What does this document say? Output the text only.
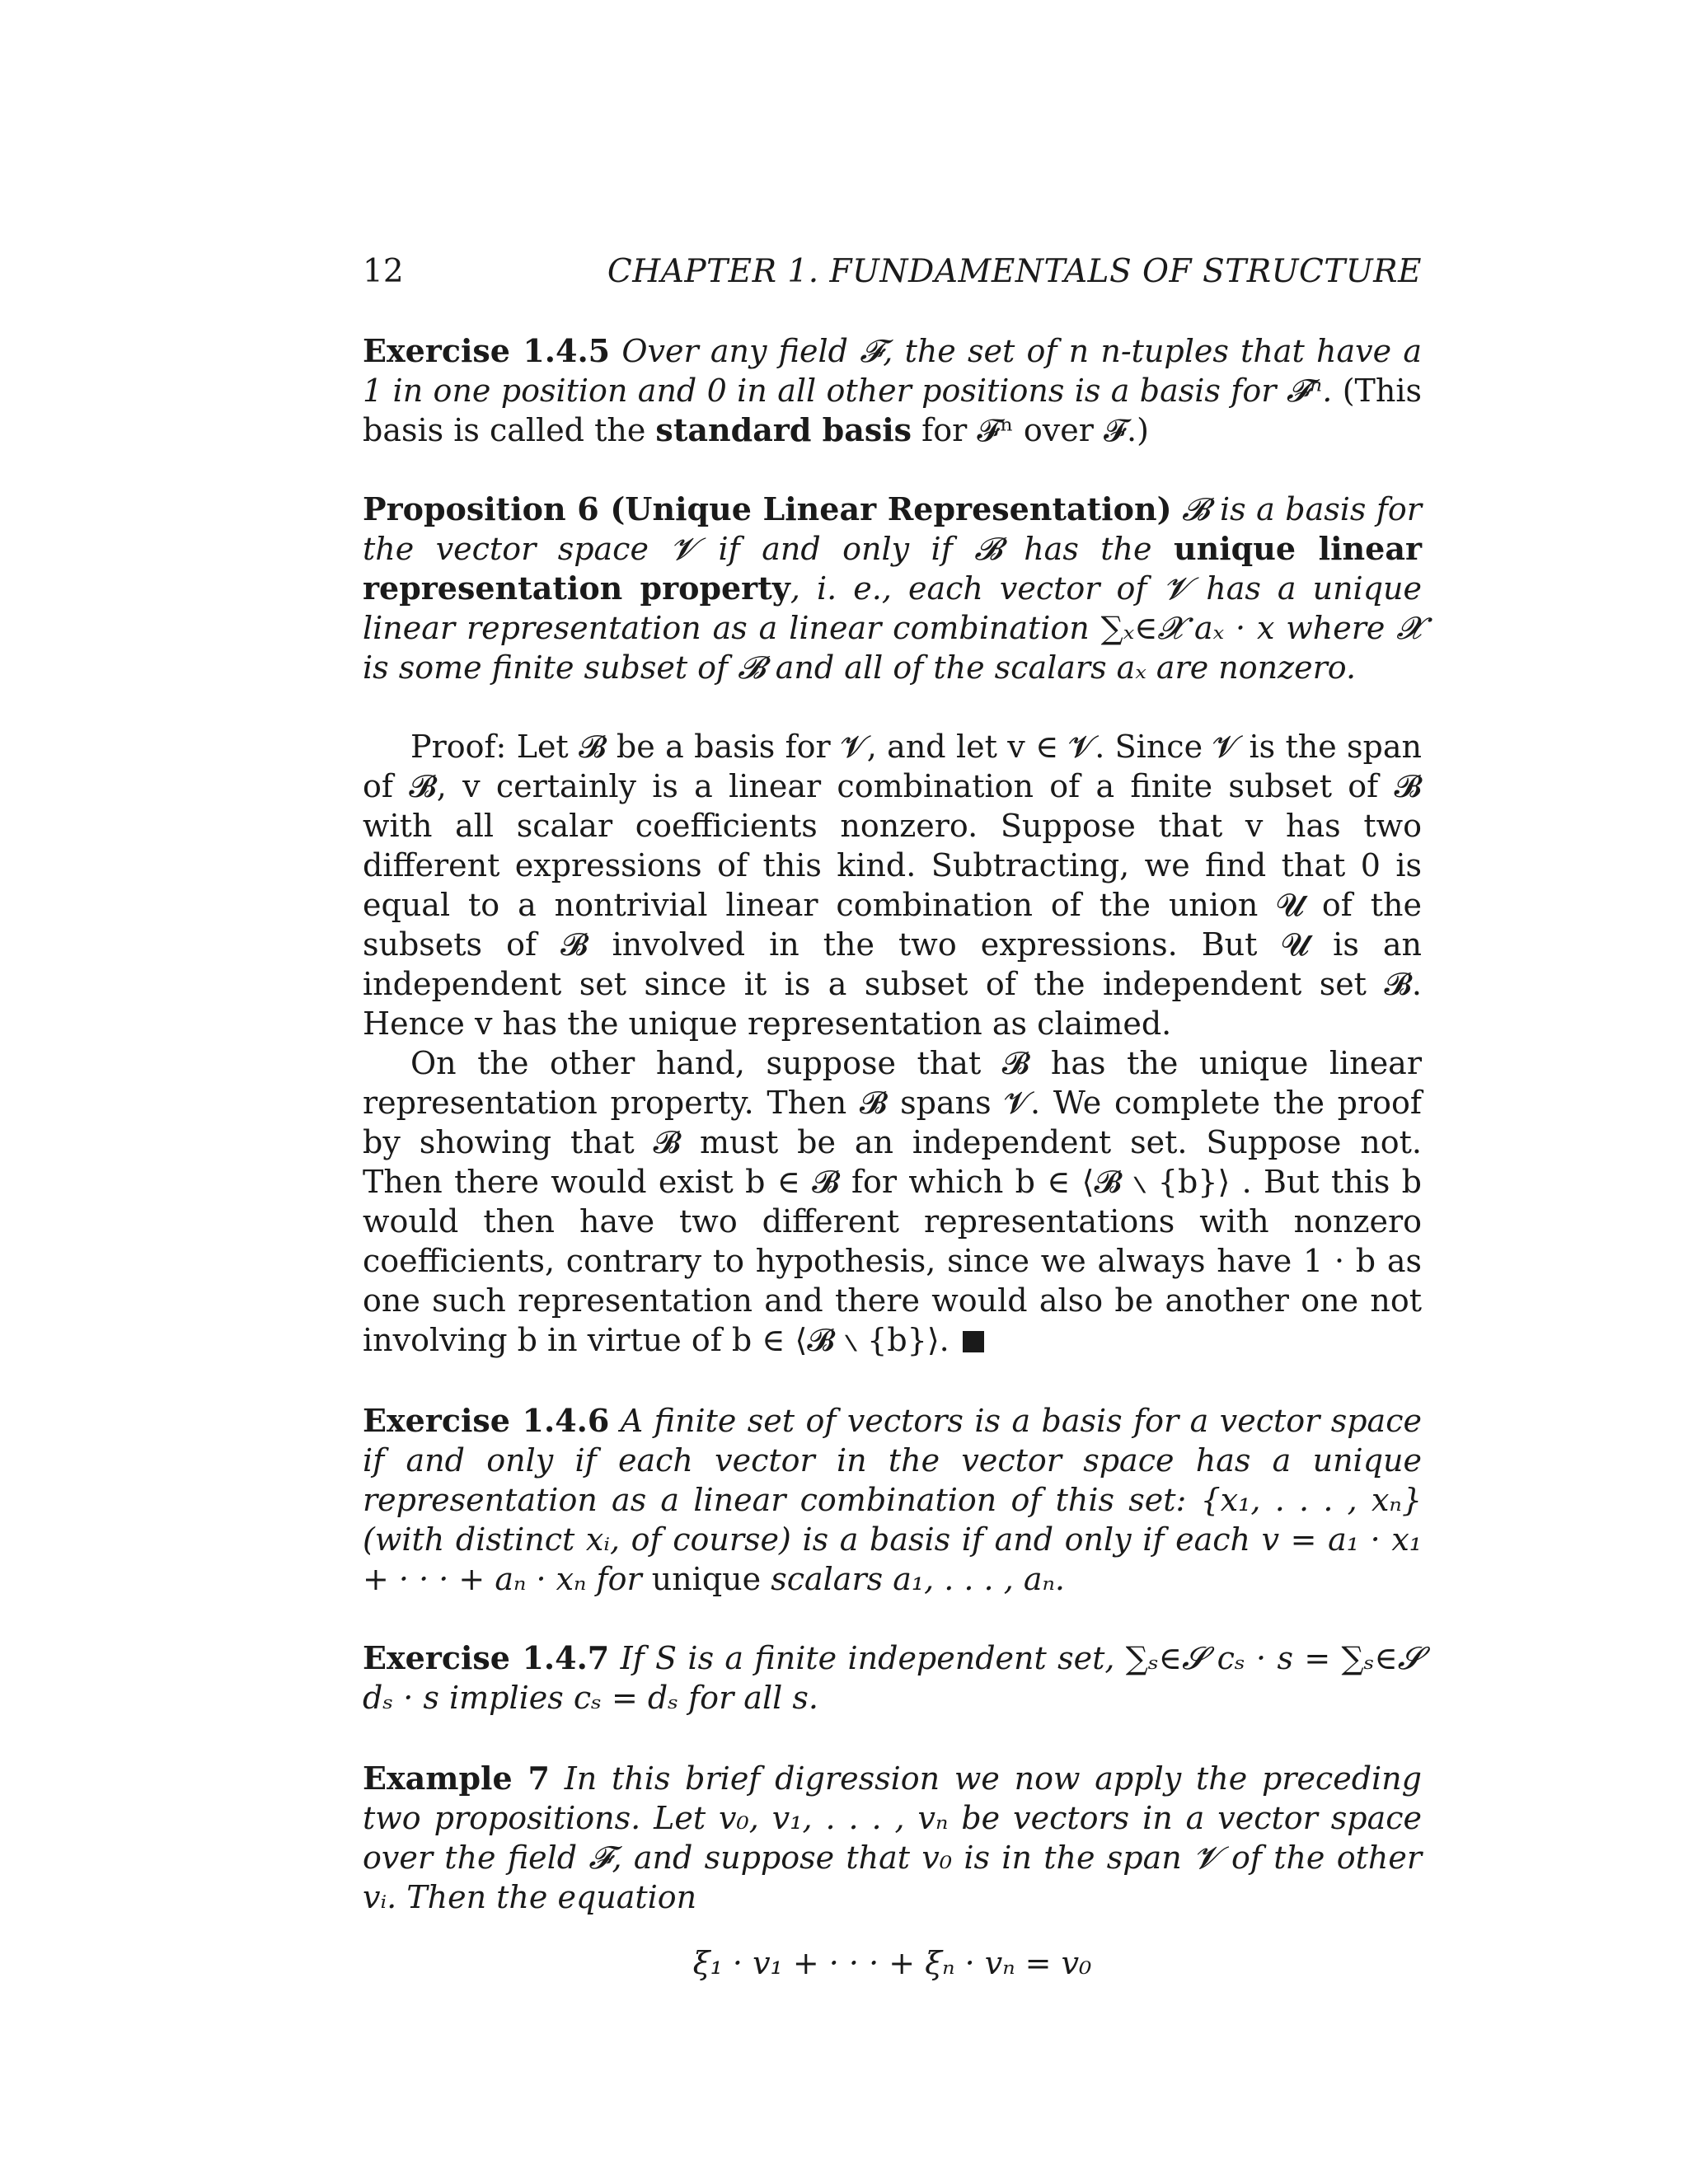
12	CHAPTER 1. FUNDAMENTALS OF STRUCTURE

Exercise 1.4.5 Over any field 𝓕, the set of n n-tuples that have a 1 in one position and 0 in all other positions is a basis for 𝓕ⁿ. (This basis is called the standard basis for 𝓕ⁿ over 𝓕.)

Proposition 6 (Unique Linear Representation) 𝓑 is a basis for the vector space 𝓥 if and only if 𝓑 has the unique linear representation property, i. e., each vector of 𝓥 has a unique linear representation as a linear combination ∑ₓ∈𝓧 aₓ · x where 𝓧 is some finite subset of 𝓑 and all of the scalars aₓ are nonzero.

Proof: Let 𝓑 be a basis for 𝓥, and let v ∈ 𝓥. Since 𝓥 is the span of 𝓑, v certainly is a linear combination of a finite subset of 𝓑 with all scalar coefficients nonzero. Suppose that v has two different expressions of this kind. Subtracting, we find that 0 is equal to a nontrivial linear combination of the union 𝓤 of the subsets of 𝓑 involved in the two expressions. But 𝓤 is an independent set since it is a subset of the independent set 𝓑. Hence v has the unique representation as claimed.

On the other hand, suppose that 𝓑 has the unique linear representation property. Then 𝓑 spans 𝓥. We complete the proof by showing that 𝓑 must be an independent set. Suppose not. Then there would exist b ∈ 𝓑 for which b ∈ ⟨𝓑 ∖ {b}⟩ . But this b would then have two different representations with nonzero coefficients, contrary to hypothesis, since we always have 1 · b as one such representation and there would also be another one not involving b in virtue of b ∈ ⟨𝓑 ∖ {b}⟩.

Exercise 1.4.6 A finite set of vectors is a basis for a vector space if and only if each vector in the vector space has a unique representation as a linear combination of this set: {x₁, . . . , xₙ} (with distinct xᵢ, of course) is a basis if and only if each v = a₁ · x₁ + · · · + aₙ · xₙ for unique scalars a₁, . . . , aₙ.

Exercise 1.4.7 If S is a finite independent set, ∑ₛ∈𝓢 cₛ · s = ∑ₛ∈𝓢 dₛ · s implies cₛ = dₛ for all s.

Example 7 In this brief digression we now apply the preceding two propositions. Let v₀, v₁, . . . , vₙ be vectors in a vector space over the field 𝓕, and suppose that v₀ is in the span 𝓥 of the other vᵢ. Then the equation

ξ₁ · v₁ + · · · + ξₙ · vₙ = v₀
